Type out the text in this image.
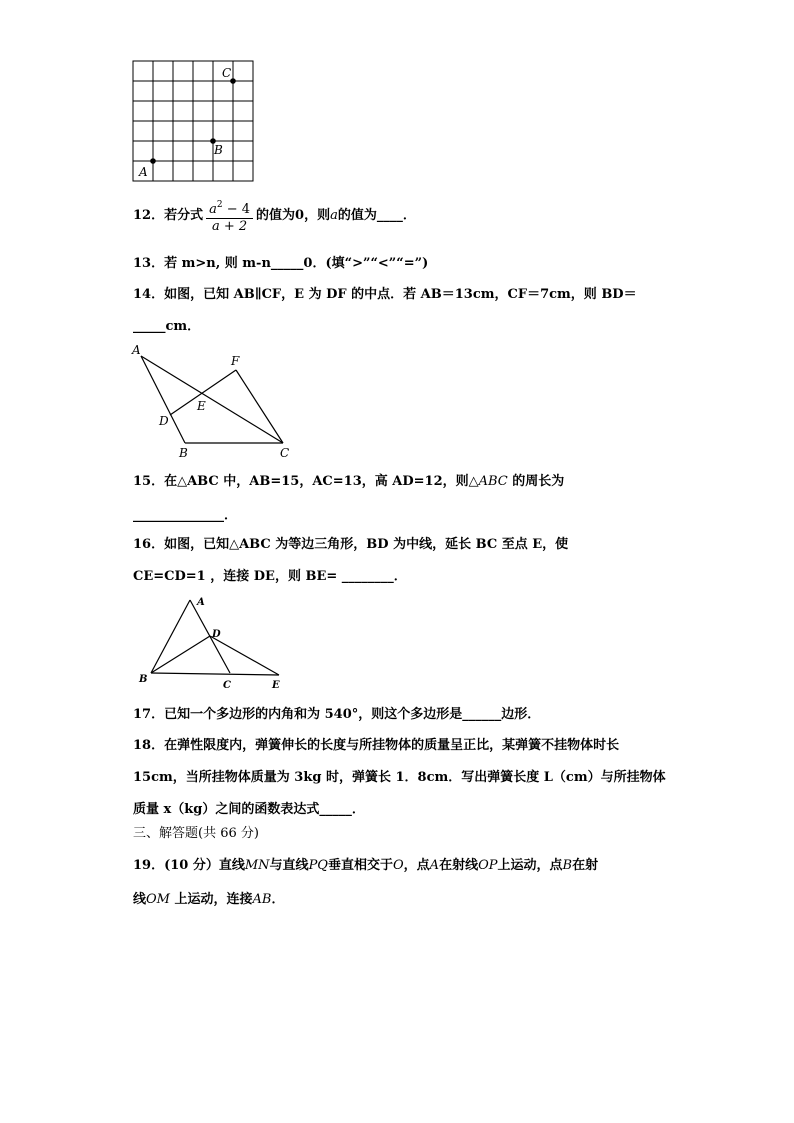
C
B
A
12．若分式 $\frac{a^2 - 4}{a + 2}$ 的值为0，则a的值为____．
13．若 m>n, 则 m-n_____0．(填“>”“<”“=”)
14．如图，已知 AB∥CF，E 为 DF 的中点．若 AB＝13cm，CF＝7cm，则 BD＝
_____cm．
A
F
E
D
B	C
15．在△ABC 中，AB=15，AC=13，高 AD=12，则△ABC 的周长为
______________．
16．如图，已知△ABC 为等边三角形，BD 为中线，延长 BC 至点 E，使
CE=CD=1 ，连接 DE，则 BE= ________．
A
D
B
C	E
17．已知一个多边形的内角和为 540°，则这个多边形是______边形．
18．在弹性限度内，弹簧伸长的长度与所挂物体的质量呈正比，某弹簧不挂物体时长
15cm，当所挂物体质量为 3kg 时，弹簧长 1．8cm．写出弹簧长度 L（cm）与所挂物体
质量 x（kg）之间的函数表达式_____．
三、解答题(共 66 分)
19．(10 分）直线MN与直线PQ垂直相交于O，点A在射线OP上运动，点B在射
线OM 上运动，连接AB．
